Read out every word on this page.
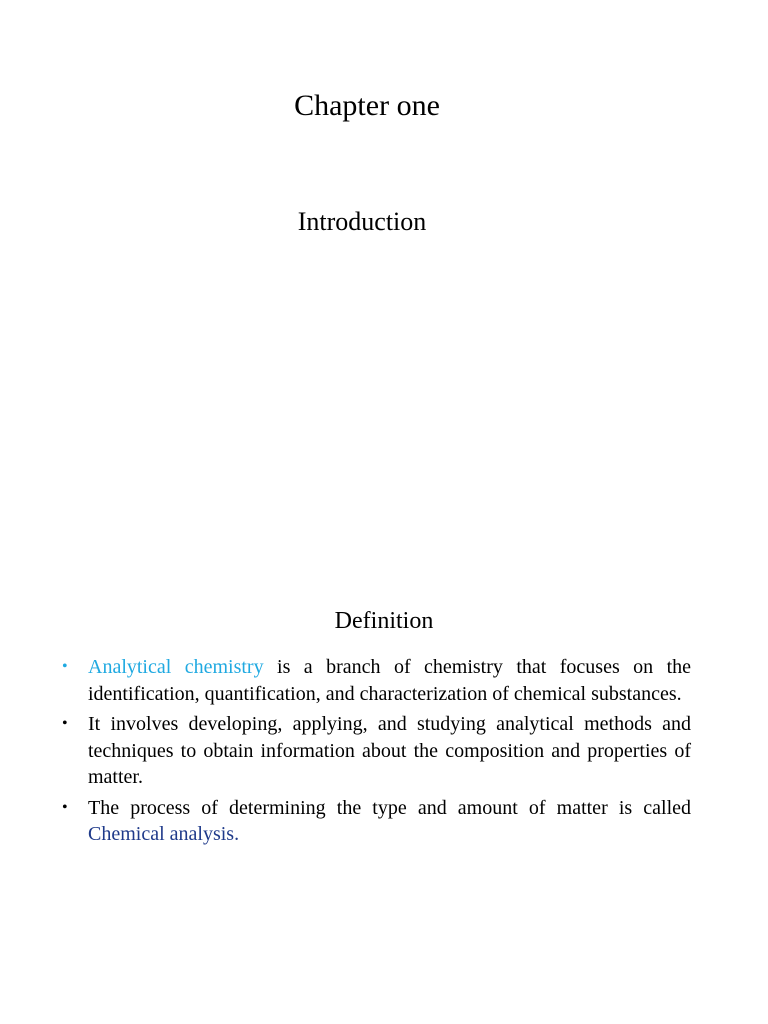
Chapter one
Introduction
Definition
• Analytical chemistry is a branch of chemistry that focuses on the identification, quantification, and characterization of chemical substances.
• It involves developing, applying, and studying analytical methods and techniques to obtain information about the composition and properties of matter.
• The process of determining the type and amount of matter is called Chemical analysis.
